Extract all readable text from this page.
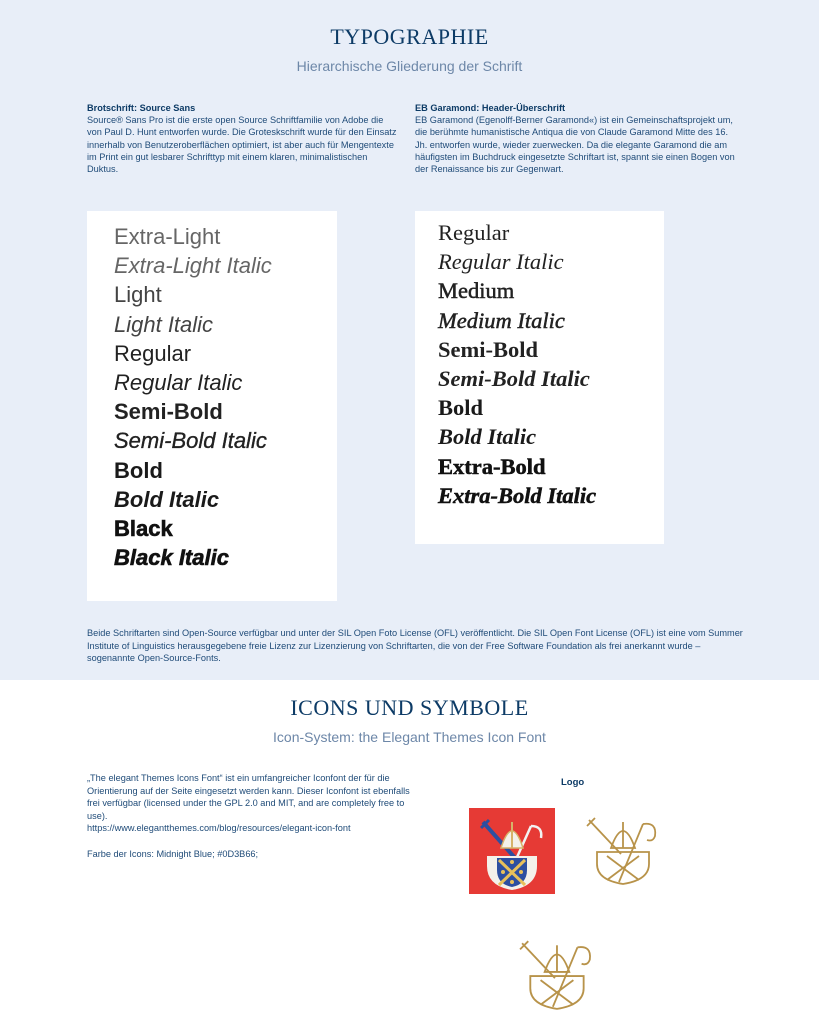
TYPOGRAPHIE
Hierarchische Gliederung der Schrift
Brotschrift: Source Sans
Source® Sans Pro ist die erste open Source Schriftfamilie von Adobe die von Paul D. Hunt entworfen wurde. Die Groteskschrift wurde für den Einsatz innerhalb von Benutzeroberflächen optimiert, ist aber auch für Mengentexte im Print ein gut lesbarer Schrifttyp mit einem klaren, minimalistischen Duktus.
EB Garamond: Header-Überschrift
EB Garamond (Egenolff-Berner Garamond«) ist ein Gemeinschaftsprojekt um, die berühmte humanistische Antiqua die von Claude Garamond Mitte des 16. Jh. entworfen wurde, wieder zuerwecken. Da die elegante Garamond die am häufigsten im Buchdruck eingesetzte Schriftart ist, spannt sie einen Bogen von der Renaissance bis zur Gegenwart.
Extra-Light
Extra-Light Italic
Light
Light Italic
Regular
Regular Italic
Semi-Bold
Semi-Bold Italic
Bold
Bold Italic
Black
Black Italic
Regular
Regular Italic
Medium
Medium Italic
Semi-Bold
Semi-Bold Italic
Bold
Bold Italic
Extra-Bold
Extra-Bold Italic
Beide Schriftarten sind Open-Source verfügbar und unter der SIL Open Foto License (OFL) veröffentlicht. Die SIL Open Font License (OFL) ist eine vom Summer Institute of Linguistics herausgegebene freie Lizenz zur Lizenzierung von Schriftarten, die von der Free Software Foundation als frei anerkannt wurde – sogenannte Open-Source-Fonts.
ICONS UND SYMBOLE
Icon-System: the Elegant Themes Icon Font
„The elegant Themes Icons Font“ ist ein umfangreicher Iconfont der für die Orientierung auf der Seite eingesetzt werden kann. Dieser Iconfont ist ebenfalls frei verfügbar (licensed under the GPL 2.0 and MIT, and are completely free to use).
https://www.elegantthemes.com/blog/resources/elegant-icon-font
Farbe der Icons: Midnight Blue; #0D3B66;
Logo
